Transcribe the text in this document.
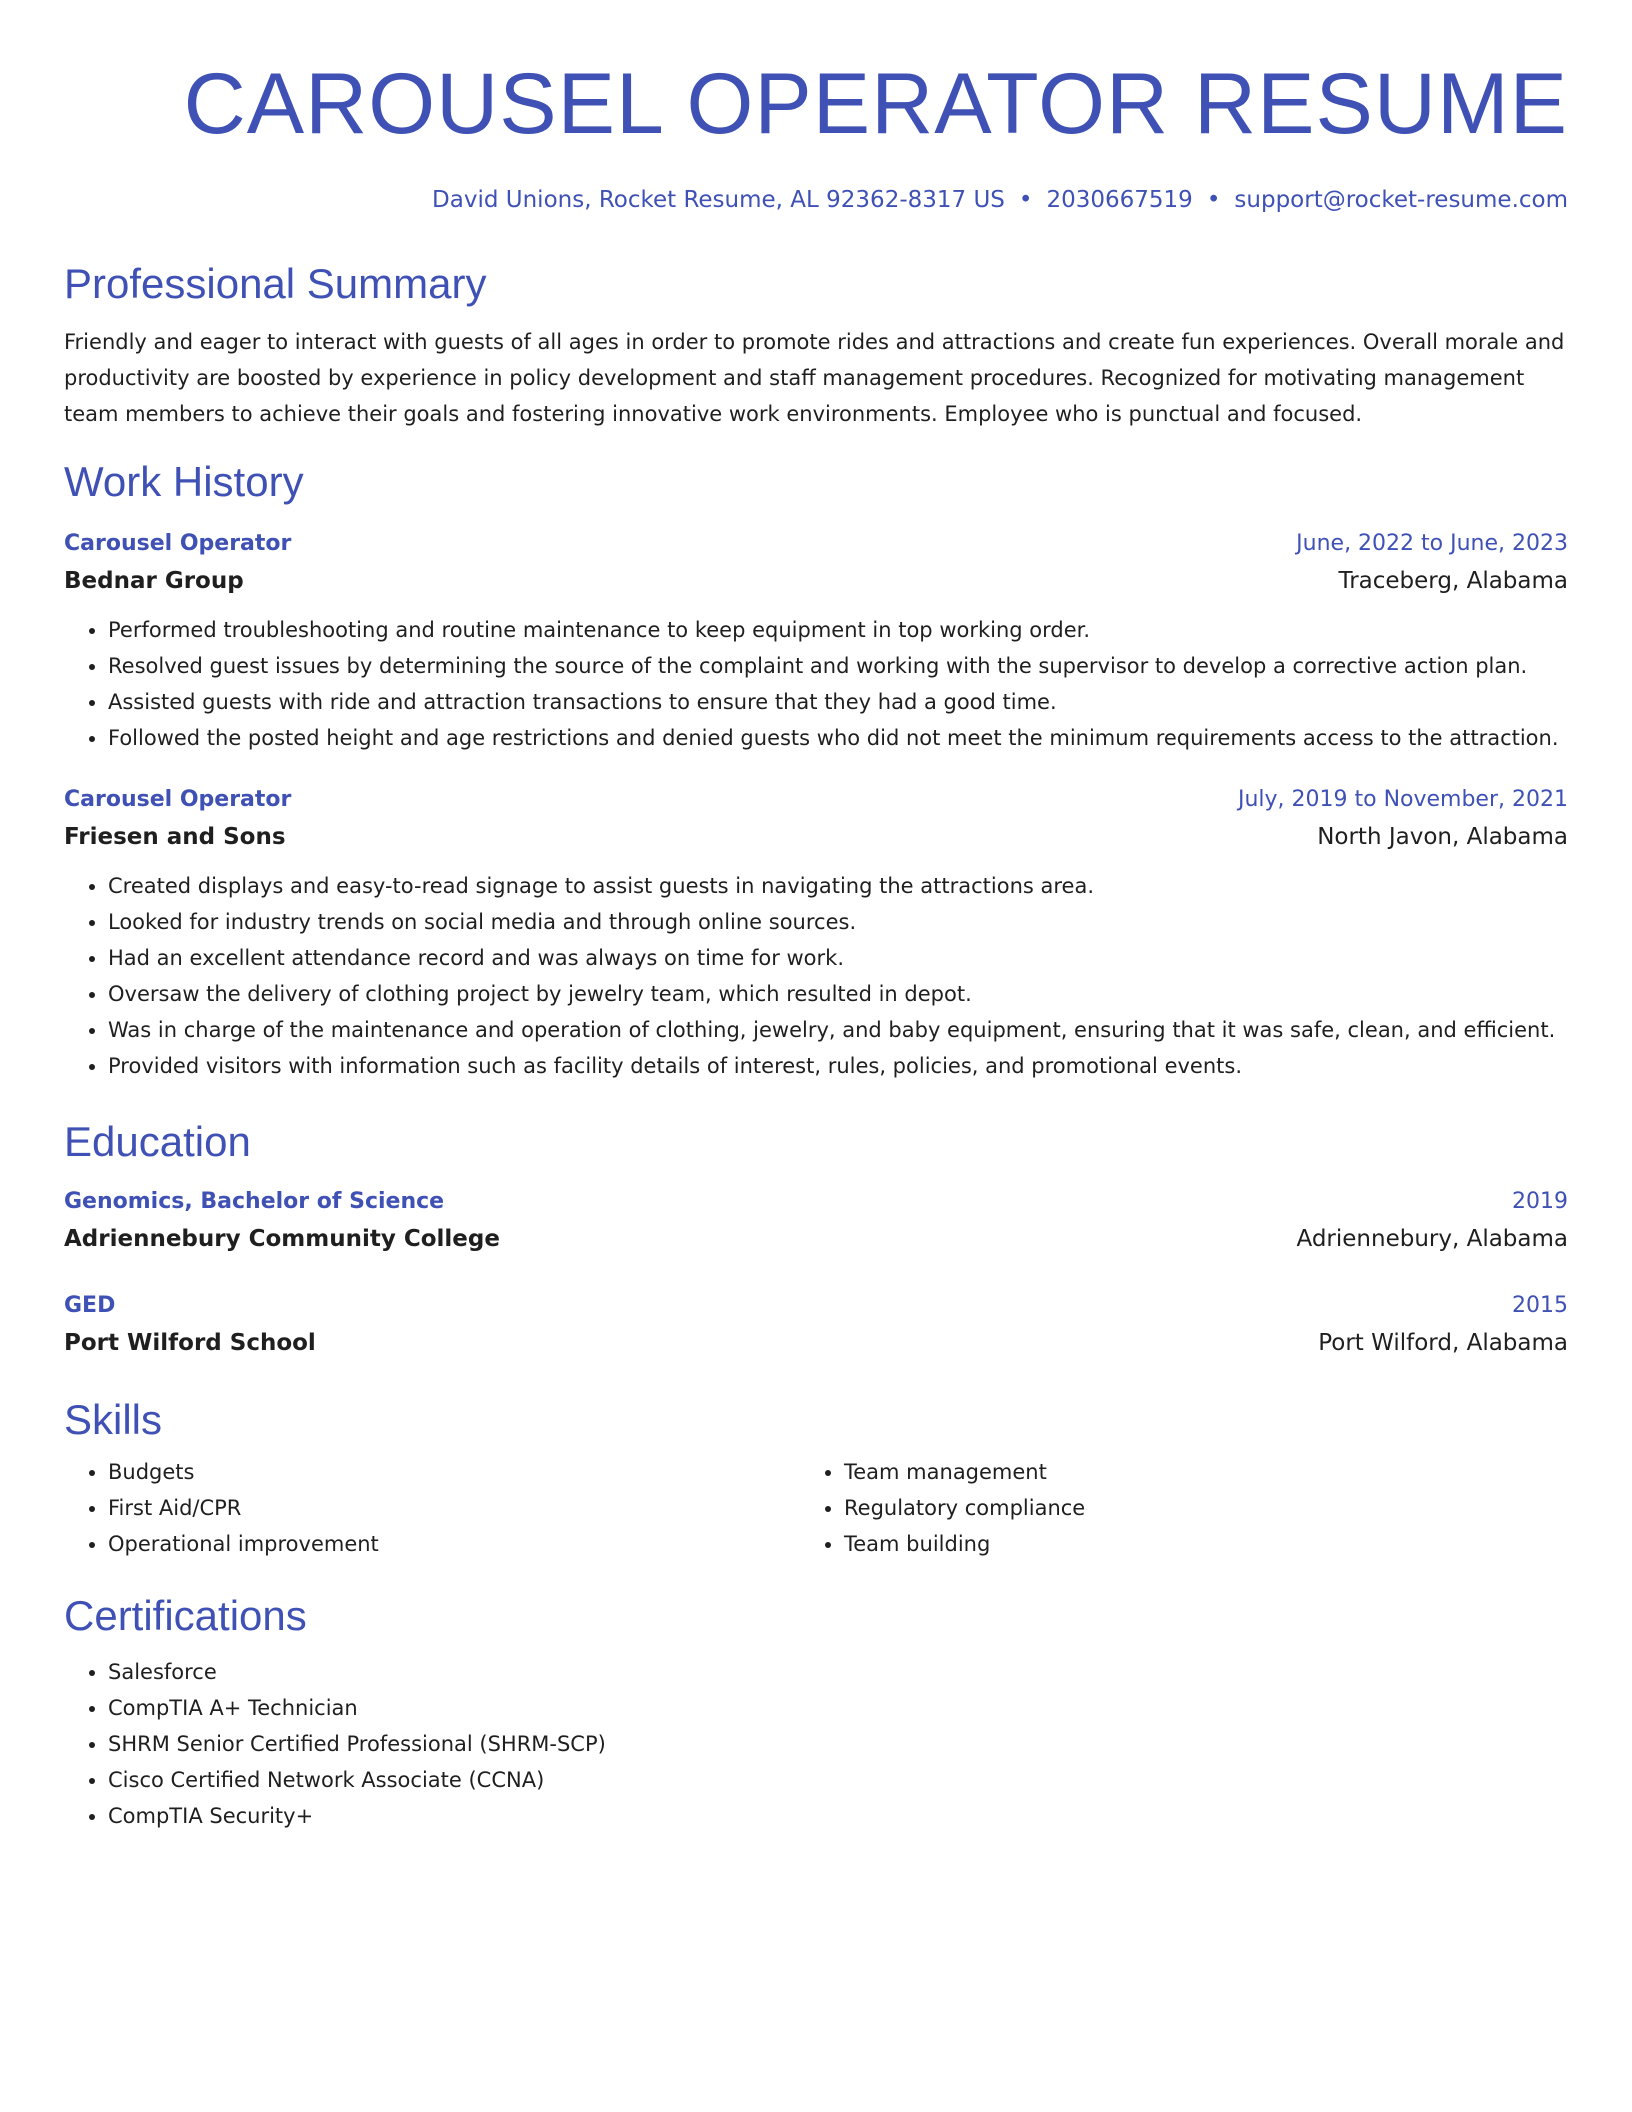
CAROUSEL OPERATOR RESUME
David Unions, Rocket Resume, AL 92362-8317 US • 2030667519 • support@rocket-resume.com
Professional Summary
Friendly and eager to interact with guests of all ages in order to promote rides and attractions and create fun experiences. Overall morale and productivity are boosted by experience in policy development and staff management procedures. Recognized for motivating management team members to achieve their goals and fostering innovative work environments. Employee who is punctual and focused.
Work History
Carousel Operator	June, 2022 to June, 2023
Bednar Group	Traceberg, Alabama
• Performed troubleshooting and routine maintenance to keep equipment in top working order.
• Resolved guest issues by determining the source of the complaint and working with the supervisor to develop a corrective action plan.
• Assisted guests with ride and attraction transactions to ensure that they had a good time.
• Followed the posted height and age restrictions and denied guests who did not meet the minimum requirements access to the attraction.
Carousel Operator	July, 2019 to November, 2021
Friesen and Sons	North Javon, Alabama
• Created displays and easy-to-read signage to assist guests in navigating the attractions area.
• Looked for industry trends on social media and through online sources.
• Had an excellent attendance record and was always on time for work.
• Oversaw the delivery of clothing project by jewelry team, which resulted in depot.
• Was in charge of the maintenance and operation of clothing, jewelry, and baby equipment, ensuring that it was safe, clean, and efficient.
• Provided visitors with information such as facility details of interest, rules, policies, and promotional events.
Education
Genomics, Bachelor of Science	2019
Adriennebury Community College	Adriennebury, Alabama
GED	2015
Port Wilford School	Port Wilford, Alabama
Skills
• Budgets
• First Aid/CPR
• Operational improvement
• Team management
• Regulatory compliance
• Team building
Certifications
• Salesforce
• CompTIA A+ Technician
• SHRM Senior Certified Professional (SHRM-SCP)
• Cisco Certified Network Associate (CCNA)
• CompTIA Security+
